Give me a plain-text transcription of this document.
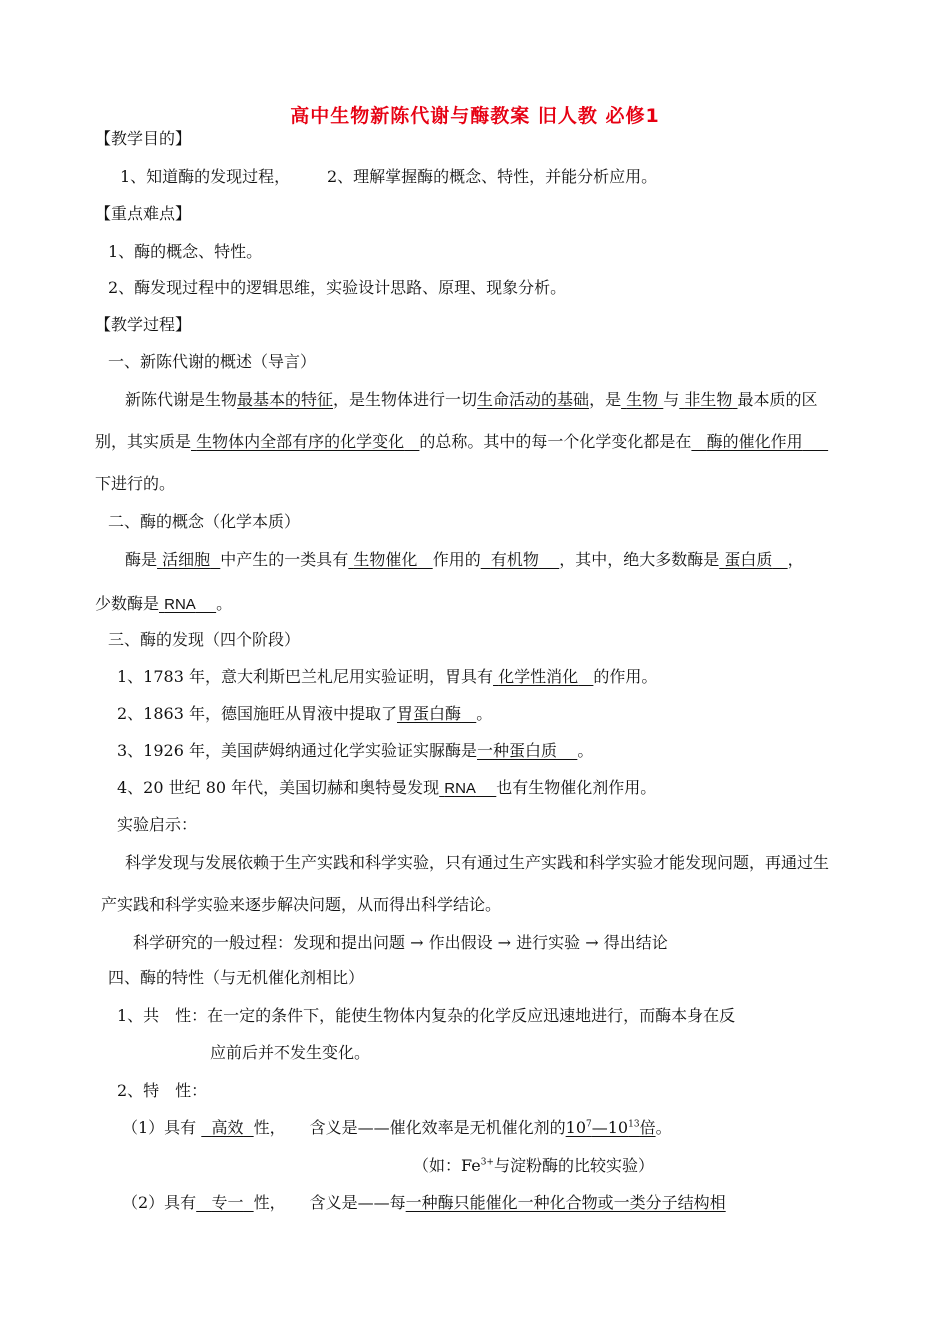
高中生物新陈代谢与酶教案 旧人教 必修1
【教学目的】
1、知道酶的发现过程， 2、理解掌握酶的概念、特性，并能分析应用。
【重点难点】
1、酶的概念、特性。
2、酶发现过程中的逻辑思维，实验设计思路、原理、现象分析。
【教学过程】
一、新陈代谢的概述（导言）
新陈代谢是生物最基本的特征，是生物体进行一切生命活动的基础，是 生物 与 非生物 最本质的区
别，其实质是 生物体内全部有序的化学变化 的总称。其中的每一个化学变化都是在 酶的催化作用
下进行的。
二、酶的概念（化学本质）
酶是 活细胞 中产生的一类具有 生物催化 作用的 有机物 ，其中，绝大多数酶是 蛋白质 ，
少数酶是 RNA 。
三、酶的发现（四个阶段）
1、1783 年，意大利斯巴兰札尼用实验证明，胃具有 化学性消化 的作用。
2、1863 年，德国施旺从胃液中提取了胃蛋白酶 。
3、1926 年，美国萨姆纳通过化学实验证实脲酶是一种蛋白质 。
4、20 世纪 80 年代，美国切赫和奥特曼发现 RNA 也有生物催化剂作用。
实验启示：
科学发现与发展依赖于生产实践和科学实验，只有通过生产实践和科学实验才能发现问题，再通过生
产实践和科学实验来逐步解决问题，从而得出科学结论。
科学研究的一般过程：发现和提出问题 → 作出假设 → 进行实验 → 得出结论
四、酶的特性（与无机催化剂相比）
1、共　性：在一定的条件下，能使生物体内复杂的化学反应迅速地进行，而酶本身在反
应前后并不发生变化。
2、特　性：
（1）具有 高效 性，　　含义是——催化效率是无机催化剂的$10^7—10^{13}$倍。
（如：$Fe^{3+}$与淀粉酶的比较实验）
（2）具有 专一 性，　　含义是——每一种酶只能催化一种化合物或一类分子结构相
